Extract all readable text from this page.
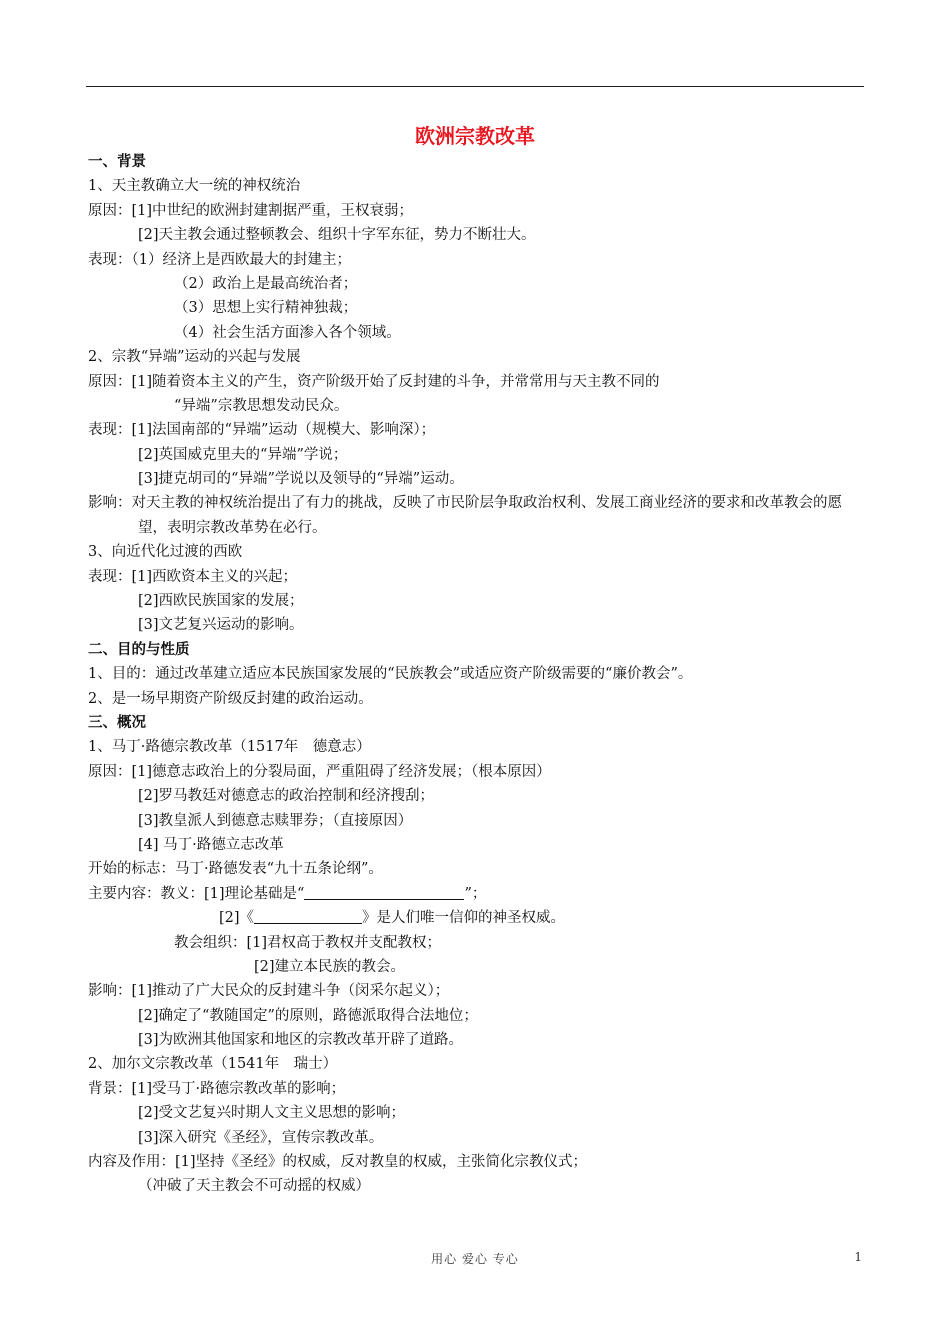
欧洲宗教改革
一、背景
1、天主教确立大一统的神权统治
原因：[1]中世纪的欧洲封建割据严重，王权衰弱；
[2]天主教会通过整顿教会、组织十字军东征，势力不断壮大。
表现：（1）经济上是西欧最大的封建主；
（2）政治上是最高统治者；
（3）思想上实行精神独裁；
（4）社会生活方面渗入各个领域。
2、宗教“异端”运动的兴起与发展
原因：[1]随着资本主义的产生，资产阶级开始了反封建的斗争，并常常用与天主教不同的
“异端”宗教思想发动民众。
表现：[1]法国南部的“异端”运动（规模大、影响深）；
[2]英国威克里夫的“异端”学说；
[3]捷克胡司的“异端”学说以及领导的“异端”运动。
影响：对天主教的神权统治提出了有力的挑战，反映了市民阶层争取政治权利、发展工商业经济的要求和改革教会的愿望，表明宗教改革势在必行。
3、向近代化过渡的西欧
表现：[1]西欧资本主义的兴起；
[2]西欧民族国家的发展；
[3]文艺复兴运动的影响。
二、目的与性质
1、目的：通过改革建立适应本民族国家发展的“民族教会”或适应资产阶级需要的“廉价教会”。
2、是一场早期资产阶级反封建的政治运动。
三、概况
1、马丁·路德宗教改革（1517年　德意志）
原因：[1]德意志政治上的分裂局面，严重阻碍了经济发展；（根本原因）
[2]罗马教廷对德意志的政治控制和经济搜刮；
[3]教皇派人到德意志赎罪券；（直接原因）
[4] 马丁·路德立志改革
开始的标志：马丁·路德发表“九十五条论纲”。
主要内容：教义：[1]理论基础是“	”；
[2]《	》是人们唯一信仰的神圣权威。
教会组织：[1]君权高于教权并支配教权；
[2]建立本民族的教会。
影响：[1]推动了广大民众的反封建斗争（闵采尔起义）；
[2]确定了“教随国定”的原则，路德派取得合法地位；
[3]为欧洲其他国家和地区的宗教改革开辟了道路。
2、加尔文宗教改革（1541年　瑞士）
背景：[1]受马丁·路德宗教改革的影响；
[2]受文艺复兴时期人文主义思想的影响；
[3]深入研究《圣经》，宣传宗教改革。
内容及作用：[1]坚持《圣经》的权威，反对教皇的权威，主张简化宗教仪式；
（冲破了天主教会不可动摇的权威）
用心 爱心 专心	1
